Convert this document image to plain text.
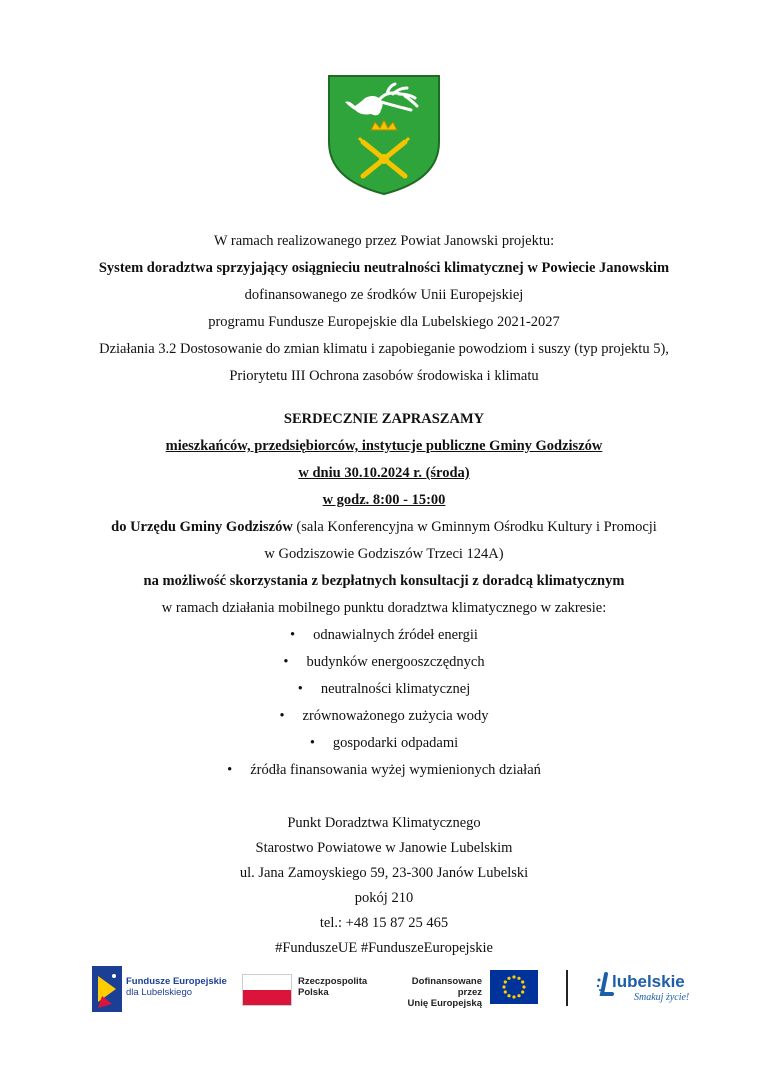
W ramach realizowanego przez Powiat Janowski projektu:
System doradztwa sprzyjający osiągnieciu neutralności klimatycznej w Powiecie Janowskim
dofinansowanego ze środków Unii Europejskiej
programu Fundusze Europejskie dla Lubelskiego 2021-2027
Działania 3.2 Dostosowanie do zmian klimatu i zapobieganie powodziom i suszy (typ projektu 5),
Priorytetu III Ochrona zasobów środowiska i klimatu
SERDECZNIE ZAPRASZAMY
mieszkańców, przedsiębiorców, instytucje publiczne Gminy Godziszów
w dniu 30.10.2024 r. (środa)
w godz. 8:00 - 15:00
do Urzędu Gminy Godziszów (sala Konferencyjna w Gminnym Ośrodku Kultury i Promocji
w Godziszowie Godziszów Trzeci 124A)
na możliwość skorzystania z bezpłatnych konsultacji z doradcą klimatycznym
w ramach działania mobilnego punktu doradztwa klimatycznego w zakresie:
• odnawialnych źródeł energii
• budynków energooszczędnych
• neutralności klimatycznej
• zrównoważonego zużycia wody
• gospodarki odpadami
• źródła finansowania wyżej wymienionych działań
Punkt Doradztwa Klimatycznego
Starostwo Powiatowe w Janowie Lubelskim
ul. Jana Zamoyskiego 59, 23-300 Janów Lubelski
pokój 210
tel.: +48 15 87 25 465
#FunduszeUE #FunduszeEuropejskie
Fundusze Europejskie
dla Lubelskiego
Rzeczpospolita
Polska
Dofinansowane przez
Unię Europejską
lubelskie
Smakuj życie!
